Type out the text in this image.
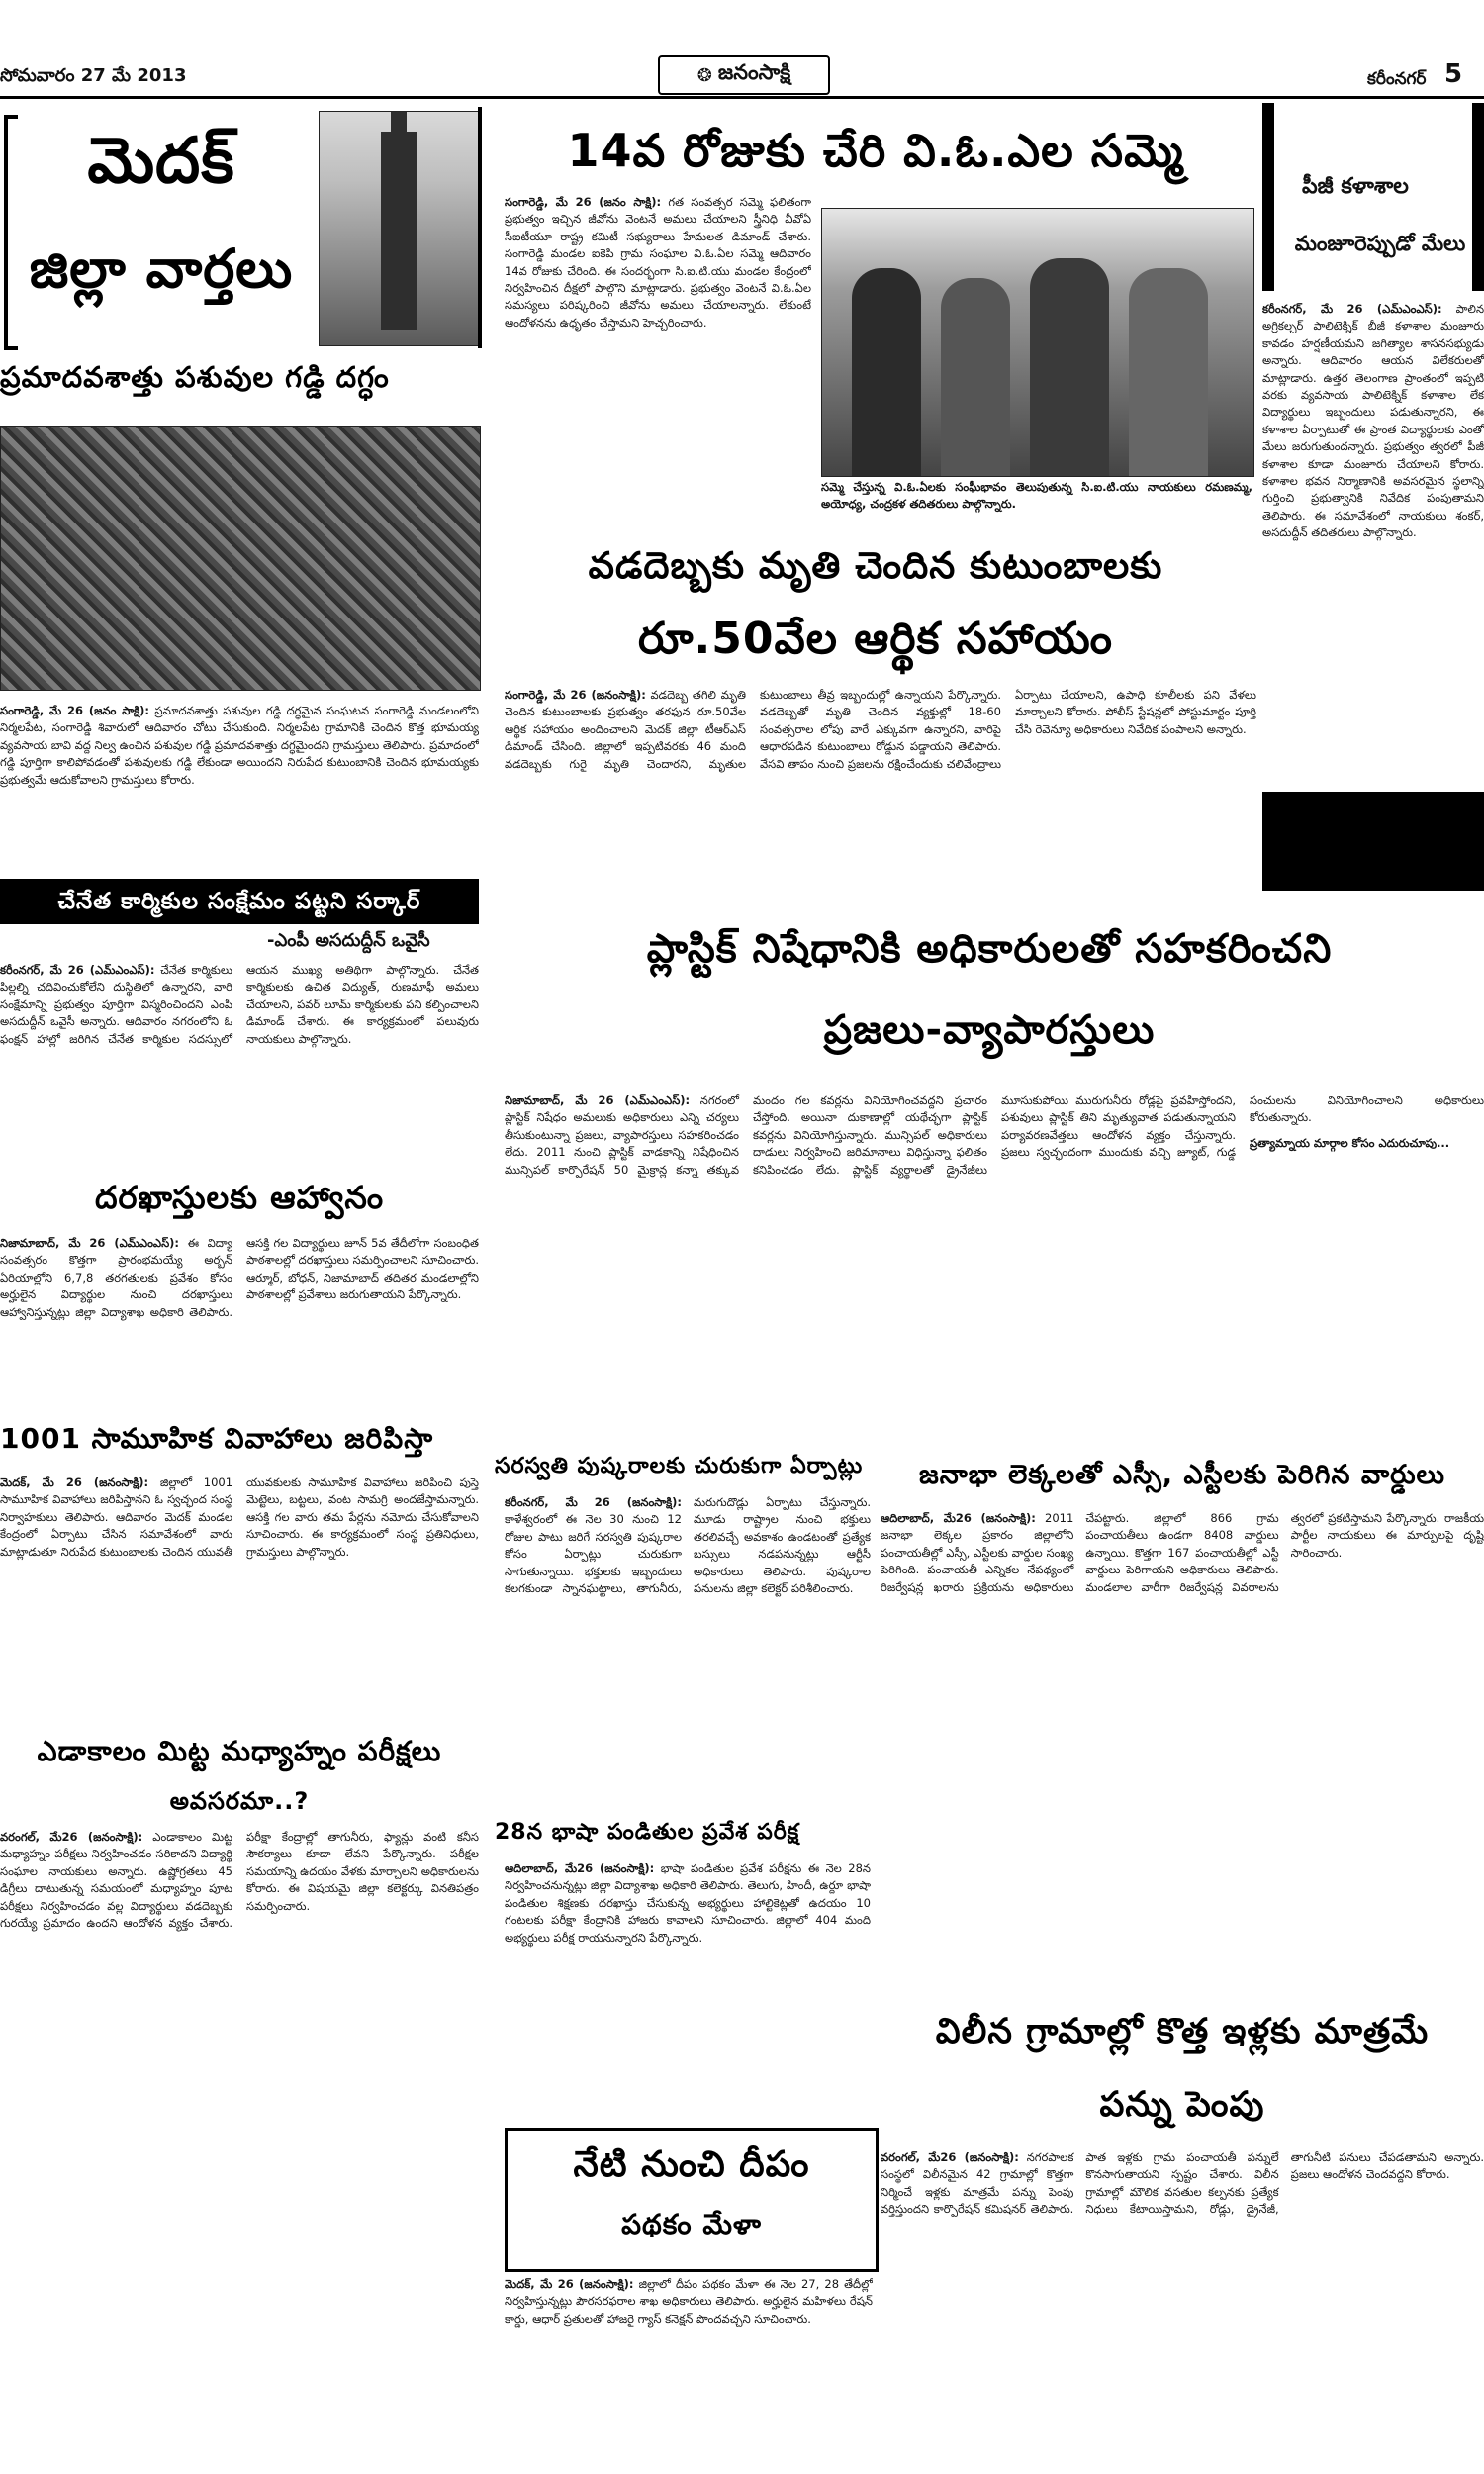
సోమవారం 27 మే 2013	❂ జనంసాక్షి	కరీంనగర్ 5
మెదక్
జిల్లా వార్తలు
ప్రమాదవశాత్తు పశువుల గడ్డి దగ్ధం
సంగారెడ్డి, మే 26 (జనం సాక్షి): ప్రమాదవశాత్తు పశువుల గడ్డి దగ్ధమైన సంఘటన సంగారెడ్డి మండలంలోని నిర్మలపేట, సంగారెడ్డి శివారులో ఆదివారం చోటు చేసుకుంది. నిర్మలపేట గ్రామానికి చెందిన కొత్త భూమయ్య వ్యవసాయ బావి వద్ద నిల్వ ఉంచిన పశువుల గడ్డి ప్రమాదవశాత్తు దగ్ధమైందని గ్రామస్తులు తెలిపారు. ప్రమాదంలో గడ్డి పూర్తిగా కాలిపోవడంతో పశువులకు గడ్డి లేకుండా అయిందని నిరుపేద కుటుంబానికి చెందిన భూమయ్యకు ప్రభుత్వమే ఆదుకోవాలని గ్రామస్తులు కోరారు.
చేనేత కార్మికుల సంక్షేమం పట్టని సర్కార్
-ఎంపీ అసదుద్దీన్ ఒవైసీ
కరీంనగర్, మే 26 (ఎమ్ఎంఎస్): చేనేత కార్మికులు పిల్లల్ని చదివించుకోలేని దుస్థితిలో ఉన్నారని, వారి సంక్షేమాన్ని ప్రభుత్వం పూర్తిగా విస్మరించిందని ఎంపీ అసదుద్దీన్ ఒవైసీ అన్నారు. ఆదివారం నగరంలోని ఓ ఫంక్షన్ హాల్లో జరిగిన చేనేత కార్మికుల సదస్సులో ఆయన ముఖ్య అతిథిగా పాల్గొన్నారు. చేనేత కార్మికులకు ఉచిత విద్యుత్, రుణమాఫీ అమలు చేయాలని, పవర్ లూమ్ కార్మికులకు పని కల్పించాలని డిమాండ్ చేశారు. ఈ కార్యక్రమంలో పలువురు నాయకులు పాల్గొన్నారు.
దరఖాస్తులకు ఆహ్వానం
నిజామాబాద్, మే 26 (ఎమ్ఎంఎస్): ఈ విద్యా సంవత్సరం కొత్తగా ప్రారంభమయ్యే అర్బన్ ఏరియాల్లోని 6,7,8 తరగతులకు ప్రవేశం కోసం అర్హులైన విద్యార్థుల నుంచి దరఖాస్తులు ఆహ్వానిస్తున్నట్లు జిల్లా విద్యాశాఖ అధికారి తెలిపారు. ఆసక్తి గల విద్యార్థులు జూన్ 5వ తేదీలోగా సంబంధిత పాఠశాలల్లో దరఖాస్తులు సమర్పించాలని సూచించారు. ఆర్మూర్, బోధన్, నిజామాబాద్ తదితర మండలాల్లోని పాఠశాలల్లో ప్రవేశాలు జరుగుతాయని పేర్కొన్నారు.
1001 సామూహిక వివాహాలు జరిపిస్తా
మెదక్, మే 26 (జనంసాక్షి): జిల్లాలో 1001 సామూహిక వివాహాలు జరిపిస్తానని ఓ స్వచ్ఛంద సంస్థ నిర్వాహకులు తెలిపారు. ఆదివారం మెదక్ మండల కేంద్రంలో ఏర్పాటు చేసిన సమావేశంలో వారు మాట్లాడుతూ నిరుపేద కుటుంబాలకు చెందిన యువతీ యువకులకు సామూహిక వివాహాలు జరిపించి పుస్తె మెట్టెలు, బట్టలు, వంట సామగ్రి అందజేస్తామన్నారు. ఆసక్తి గల వారు తమ పేర్లను నమోదు చేసుకోవాలని సూచించారు. ఈ కార్యక్రమంలో సంస్థ ప్రతినిధులు, గ్రామస్తులు పాల్గొన్నారు.
ఎడాకాలం మిట్ట మధ్యాహ్నం పరీక్షలు
అవసరమా..?
వరంగల్, మే26 (జనంసాక్షి): ఎండాకాలం మిట్ట మధ్యాహ్నం పరీక్షలు నిర్వహించడం సరికాదని విద్యార్థి సంఘాల నాయకులు అన్నారు. ఉష్ణోగ్రతలు 45 డిగ్రీలు దాటుతున్న సమయంలో మధ్యాహ్నం పూట పరీక్షలు నిర్వహించడం వల్ల విద్యార్థులు వడదెబ్బకు గురయ్యే ప్రమాదం ఉందని ఆందోళన వ్యక్తం చేశారు. పరీక్షా కేంద్రాల్లో తాగునీరు, ఫ్యాన్లు వంటి కనీస సౌకర్యాలు కూడా లేవని పేర్కొన్నారు. పరీక్షల సమయాన్ని ఉదయం వేళకు మార్చాలని అధికారులను కోరారు. ఈ విషయమై జిల్లా కలెక్టర్కు వినతిపత్రం సమర్పించారు.
14వ రోజుకు చేరి వి.ఓ.ఎల సమ్మె
సంగారెడ్డి, మే 26 (జనం సాక్షి): గత సంవత్సర సమ్మె ఫలితంగా ప్రభుత్వం ఇచ్చిన జీవోను వెంటనే అమలు చేయాలని స్త్రీనిధి వీవోఏ సీఐటీయూ రాష్ట్ర కమిటీ సభ్యురాలు హేమలత డిమాండ్ చేశారు. సంగారెడ్డి మండల ఐకెపి గ్రామ సంఘాల వి.ఓ.ఏల సమ్మె ఆదివారం 14వ రోజుకు చేరింది. ఈ సందర్భంగా సి.ఐ.టి.యు మండల కేంద్రంలో నిర్వహించిన దీక్షలో పాల్గొని మాట్లాడారు. ప్రభుత్వం వెంటనే వి.ఓ.ఏల సమస్యలు పరిష్కరించి జీవోను అమలు చేయాలన్నారు. లేకుంటే ఆందోళనను ఉధృతం చేస్తామని హెచ్చరించారు.
సమ్మె చేస్తున్న వి.ఓ.ఏలకు సంఘీభావం తెలుపుతున్న సి.ఐ.టి.యు నాయకులు రమణమ్మ, అయోధ్య, చంద్రకళ తదితరులు పాల్గొన్నారు.
వడదెబ్బకు మృతి చెందిన కుటుంబాలకు
రూ.50వేల ఆర్థిక సహాయం
సంగారెడ్డి, మే 26 (జనంసాక్షి): వడదెబ్బ తగిలి మృతి చెందిన కుటుంబాలకు ప్రభుత్వం తరఫున రూ.50వేల ఆర్థిక సహాయం అందించాలని మెదక్ జిల్లా టీఆర్ఎస్ డిమాండ్ చేసింది. జిల్లాలో ఇప్పటివరకు 46 మంది వడదెబ్బకు గురై మృతి చెందారని, మృతుల కుటుంబాలు తీవ్ర ఇబ్బందుల్లో ఉన్నాయని పేర్కొన్నారు. వడదెబ్బతో మృతి చెందిన వ్యక్తుల్లో 18-60 సంవత్సరాల లోపు వారే ఎక్కువగా ఉన్నారని, వారిపై ఆధారపడిన కుటుంబాలు రోడ్డున పడ్డాయని తెలిపారు. వేసవి తాపం నుంచి ప్రజలను రక్షించేందుకు చలివేంద్రాలు ఏర్పాటు చేయాలని, ఉపాధి కూలీలకు పని వేళలు మార్చాలని కోరారు. పోలీస్ స్టేషన్లలో పోస్టుమార్టం పూర్తి చేసి రెవెన్యూ అధికారులు నివేదిక పంపాలని అన్నారు.
పీజీ కళాశాల
మంజూరెప్పుడో మేలు
కరీంనగర్, మే 26 (ఎమ్ఎంఎస్): పాలిన అగ్రికల్చర్ పాలిటెక్నిక్ బీజీ కళాశాల మంజూరు కావడం హర్షణీయమని జగిత్యాల శాసనసభ్యుడు అన్నారు. ఆదివారం ఆయన విలేకరులతో మాట్లాడారు. ఉత్తర తెలంగాణ ప్రాంతంలో ఇప్పటి వరకు వ్యవసాయ పాలిటెక్నిక్ కళాశాల లేక విద్యార్థులు ఇబ్బందులు పడుతున్నారని, ఈ కళాశాల ఏర్పాటుతో ఈ ప్రాంత విద్యార్థులకు ఎంతో మేలు జరుగుతుందన్నారు. ప్రభుత్వం త్వరలో పీజీ కళాశాల కూడా మంజూరు చేయాలని కోరారు. కళాశాల భవన నిర్మాణానికి అవసరమైన స్థలాన్ని గుర్తించి ప్రభుత్వానికి నివేదిక పంపుతామని తెలిపారు. ఈ సమావేశంలో నాయకులు శంకర్, అసదుద్దీన్ తదితరులు పాల్గొన్నారు.
ప్లాస్టిక్ నిషేధానికి అధికారులతో సహకరించని
ప్రజలు-వ్యాపారస్తులు
నిజామాబాద్, మే 26 (ఎమ్ఎంఎస్): నగరంలో ప్లాస్టిక్ నిషేధం అమలుకు అధికారులు ఎన్ని చర్యలు తీసుకుంటున్నా ప్రజలు, వ్యాపారస్తులు సహకరించడం లేదు. 2011 నుంచి ప్లాస్టిక్ వాడకాన్ని నిషేధించిన మున్సిపల్ కార్పొరేషన్ 50 మైక్రాన్ల కన్నా తక్కువ మందం గల కవర్లను వినియోగించవద్దని ప్రచారం చేస్తోంది. అయినా దుకాణాల్లో యథేచ్ఛగా ప్లాస్టిక్ కవర్లను వినియోగిస్తున్నారు. మున్సిపల్ అధికారులు దాడులు నిర్వహించి జరిమానాలు విధిస్తున్నా ఫలితం కనిపించడం లేదు. ప్లాస్టిక్ వ్యర్థాలతో డ్రైనేజీలు మూసుకుపోయి మురుగునీరు రోడ్లపై ప్రవహిస్తోందని, పశువులు ప్లాస్టిక్ తిని మృత్యువాత పడుతున్నాయని పర్యావరణవేత్తలు ఆందోళన వ్యక్తం చేస్తున్నారు. ప్రజలు స్వచ్ఛందంగా ముందుకు వచ్చి జ్యూట్, గుడ్డ సంచులను వినియోగించాలని అధికారులు కోరుతున్నారు.
ప్రత్యామ్నాయ మార్గాల కోసం ఎదురుచూపు...
సరస్వతి పుష్కరాలకు చురుకుగా ఏర్పాట్లు
కరీంనగర్, మే 26 (జనంసాక్షి): కాళేశ్వరంలో ఈ నెల 30 నుంచి 12 రోజుల పాటు జరిగే సరస్వతి పుష్కరాల కోసం ఏర్పాట్లు చురుకుగా సాగుతున్నాయి. భక్తులకు ఇబ్బందులు కలగకుండా స్నానఘట్టాలు, తాగునీరు, మరుగుదొడ్లు ఏర్పాటు చేస్తున్నారు. మూడు రాష్ట్రాల నుంచి భక్తులు తరలివచ్చే అవకాశం ఉండటంతో ప్రత్యేక బస్సులు నడపనున్నట్లు ఆర్టీసీ అధికారులు తెలిపారు. పుష్కరాల పనులను జిల్లా కలెక్టర్ పరిశీలించారు.
28న భాషా పండితుల ప్రవేశ పరీక్ష
ఆదిలాబాద్, మే26 (జనంసాక్షి): భాషా పండితుల ప్రవేశ పరీక్షను ఈ నెల 28న నిర్వహించనున్నట్లు జిల్లా విద్యాశాఖ అధికారి తెలిపారు. తెలుగు, హిందీ, ఉర్దూ భాషా పండితుల శిక్షణకు దరఖాస్తు చేసుకున్న అభ్యర్థులు హాల్టికెట్లతో ఉదయం 10 గంటలకు పరీక్షా కేంద్రానికి హాజరు కావాలని సూచించారు. జిల్లాలో 404 మంది అభ్యర్థులు పరీక్ష రాయనున్నారని పేర్కొన్నారు.
నేటి నుంచి దీపం
పథకం మేళా
మెదక్, మే 26 (జనంసాక్షి): జిల్లాలో దీపం పథకం మేళా ఈ నెల 27, 28 తేదీల్లో నిర్వహిస్తున్నట్లు పౌరసరఫరాల శాఖ అధికారులు తెలిపారు. అర్హులైన మహిళలు రేషన్ కార్డు, ఆధార్ ప్రతులతో హాజరై గ్యాస్ కనెక్షన్ పొందవచ్చని సూచించారు.
జనాభా లెక్కలతో ఎస్సీ, ఎస్టీలకు పెరిగిన వార్డులు
ఆదిలాబాద్, మే26 (జనంసాక్షి): 2011 జనాభా లెక్కల ప్రకారం జిల్లాలోని పంచాయతీల్లో ఎస్సీ, ఎస్టీలకు వార్డుల సంఖ్య పెరిగింది. పంచాయతీ ఎన్నికల నేపథ్యంలో రిజర్వేషన్ల ఖరారు ప్రక్రియను అధికారులు చేపట్టారు. జిల్లాలో 866 గ్రామ పంచాయతీలు ఉండగా 8408 వార్డులు ఉన్నాయి. కొత్తగా 167 పంచాయతీల్లో ఎస్టీ వార్డులు పెరిగాయని అధికారులు తెలిపారు. మండలాల వారీగా రిజర్వేషన్ల వివరాలను త్వరలో ప్రకటిస్తామని పేర్కొన్నారు. రాజకీయ పార్టీల నాయకులు ఈ మార్పులపై దృష్టి సారించారు.
విలీన గ్రామాల్లో కొత్త ఇళ్లకు మాత్రమే
పన్ను పెంపు
వరంగల్, మే26 (జనంసాక్షి): నగరపాలక సంస్థలో విలీనమైన 42 గ్రామాల్లో కొత్తగా నిర్మించే ఇళ్లకు మాత్రమే పన్ను పెంపు వర్తిస్తుందని కార్పొరేషన్ కమిషనర్ తెలిపారు. పాత ఇళ్లకు గ్రామ పంచాయతీ పన్నులే కొనసాగుతాయని స్పష్టం చేశారు. విలీన గ్రామాల్లో మౌలిక వసతుల కల్పనకు ప్రత్యేక నిధులు కేటాయిస్తామని, రోడ్లు, డ్రైనేజీ, తాగునీటి పనులు చేపడతామని అన్నారు. ప్రజలు ఆందోళన చెందవద్దని కోరారు.
